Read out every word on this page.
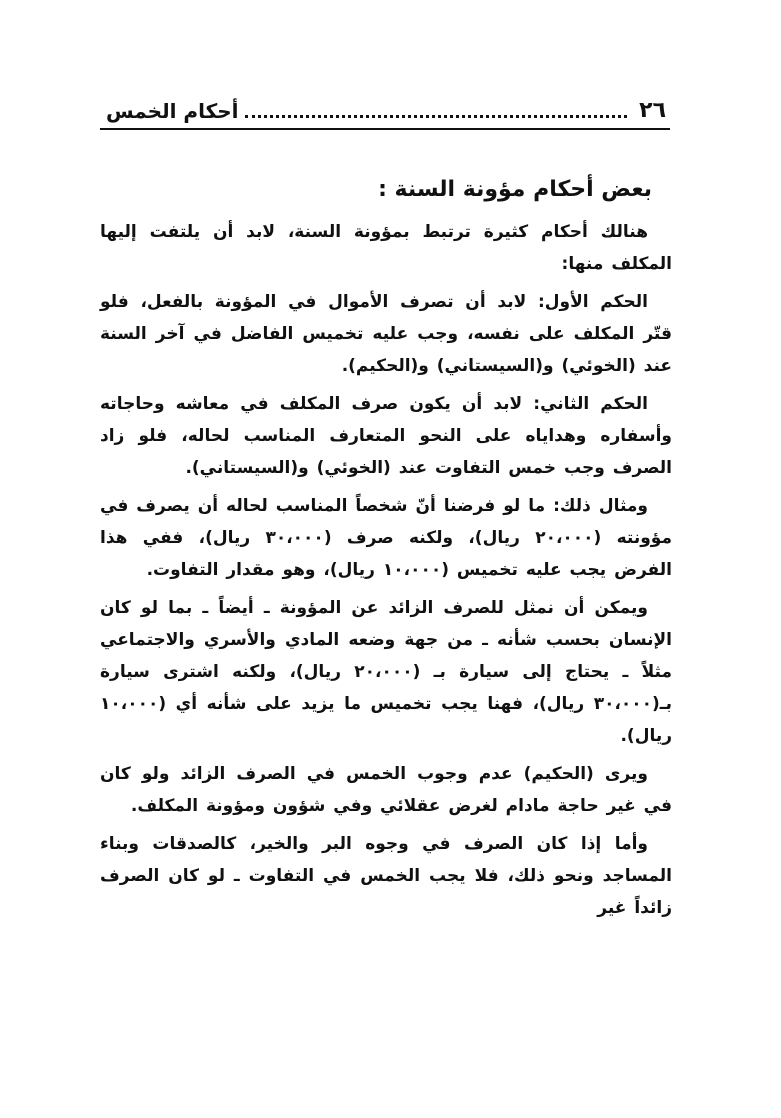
٢٦
أحكام الخمس
بعض أحكام مؤونة السنة :

هنالك أحكام كثيرة ترتبط بمؤونة السنة، لابد أن يلتفت إليها المكلف منها:

الحكم الأول: لابد أن تصرف الأموال في المؤونة بالفعل، فلو قتّر المكلف على نفسه، وجب عليه تخميس الفاضل في آخر السنة عند (الخوئي) و(السيستاني) و(الحكيم).

الحكم الثاني: لابد أن يكون صرف المكلف في معاشه وحاجاته وأسفاره وهداياه على النحو المتعارف المناسب لحاله، فلو زاد الصرف وجب خمس التفاوت عند (الخوئي) و(السيستاني).

ومثال ذلك: ما لو فرضنا أنّ شخصاً المناسب لحاله أن يصرف في مؤونته (٢٠،٠٠٠ ريال)، ولكنه صرف (٣٠،٠٠٠ ريال)، ففي هذا الفرض يجب عليه تخميس (١٠،٠٠٠ ريال)، وهو مقدار التفاوت.

ويمكن أن نمثل للصرف الزائد عن المؤونة ـ أيضاً ـ بما لو كان الإنسان بحسب شأنه ـ من جهة وضعه المادي والأسري والاجتماعي مثلاً ـ يحتاج إلى سيارة بـ (٢٠،٠٠٠ ريال)، ولكنه اشترى سيارة بـ(٣٠،٠٠٠ ريال)، فهنا يجب تخميس ما يزيد على شأنه أي (١٠،٠٠٠ ريال).

ويرى (الحكيم) عدم وجوب الخمس في الصرف الزائد ولو كان في غير حاجة مادام لغرض عقلائي وفي شؤون ومؤونة المكلف.

وأما إذا كان الصرف في وجوه البر والخير، كالصدقات وبناء المساجد ونحو ذلك، فلا يجب الخمس في التفاوت ـ لو كان الصرف زائداً غير
